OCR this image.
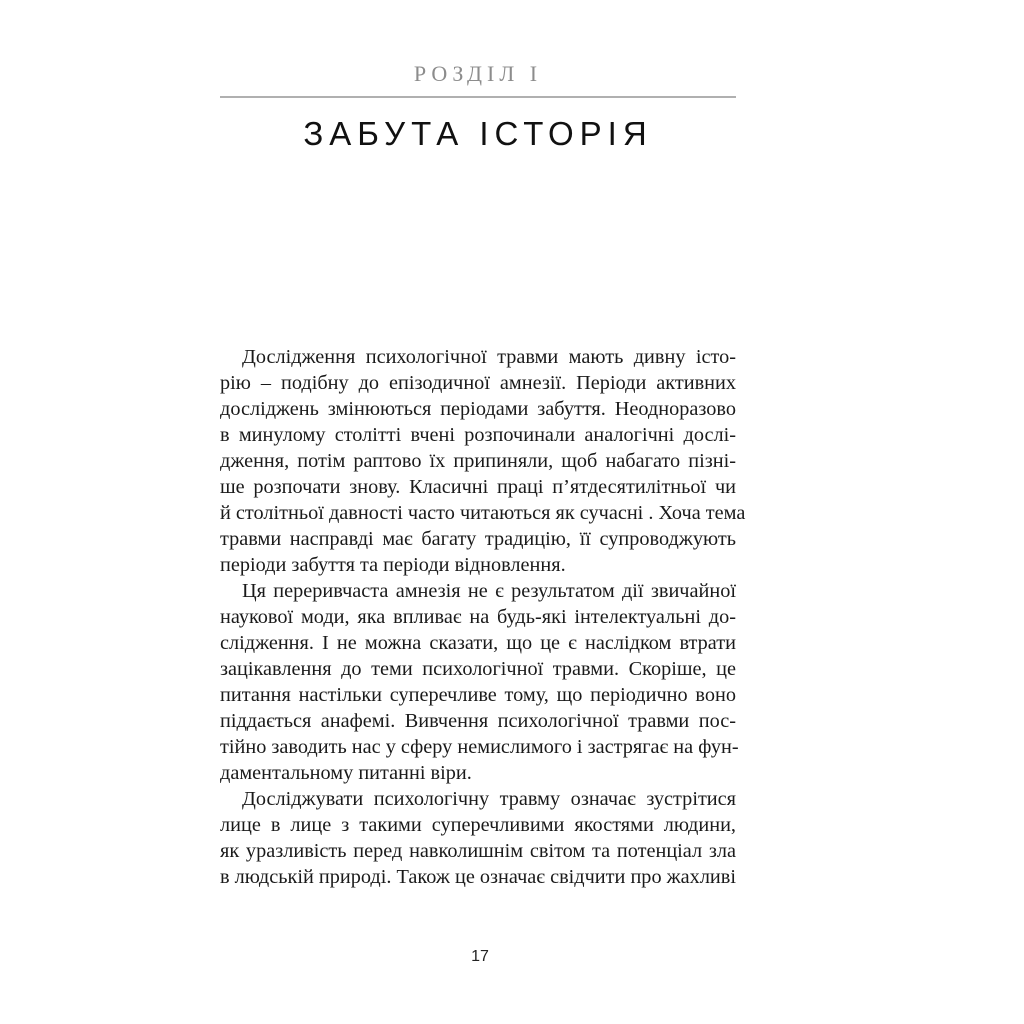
РОЗДІЛ І
ЗАБУТА ІСТОРІЯ
Дослідження психологічної травми мають дивну істо-
рію – подібну до епізодичної амнезії. Періоди активних
досліджень змінюються періодами забуття. Неодноразово
в минулому столітті вчені розпочинали аналогічні дослі-
дження, потім раптово їх припиняли, щоб набагато пізні-
ше розпочати знову. Класичні праці п’ятдесятилітньої чи
й столітньої давності часто читаються як сучасні . Хоча тема
травми насправді має багату традицію, її супроводжують
періоди забуття та періоди відновлення.
Ця переривчаста амнезія не є результатом дії звичайної
наукової моди, яка впливає на будь-які інтелектуальні до-
слідження. І не можна сказати, що це є наслідком втрати
зацікавлення до теми психологічної травми. Скоріше, це
питання настільки суперечливе тому, що періодично воно
піддається анафемі. Вивчення психологічної травми пос-
тійно заводить нас у сферу немислимого і застрягає на фун-
даментальному питанні віри.
Досліджувати психологічну травму означає зустрітися
лице в лице з такими суперечливими якостями людини,
як уразливість перед навколишнім світом та потенціал зла
в людській природі. Також це означає свідчити про жахливі
17
